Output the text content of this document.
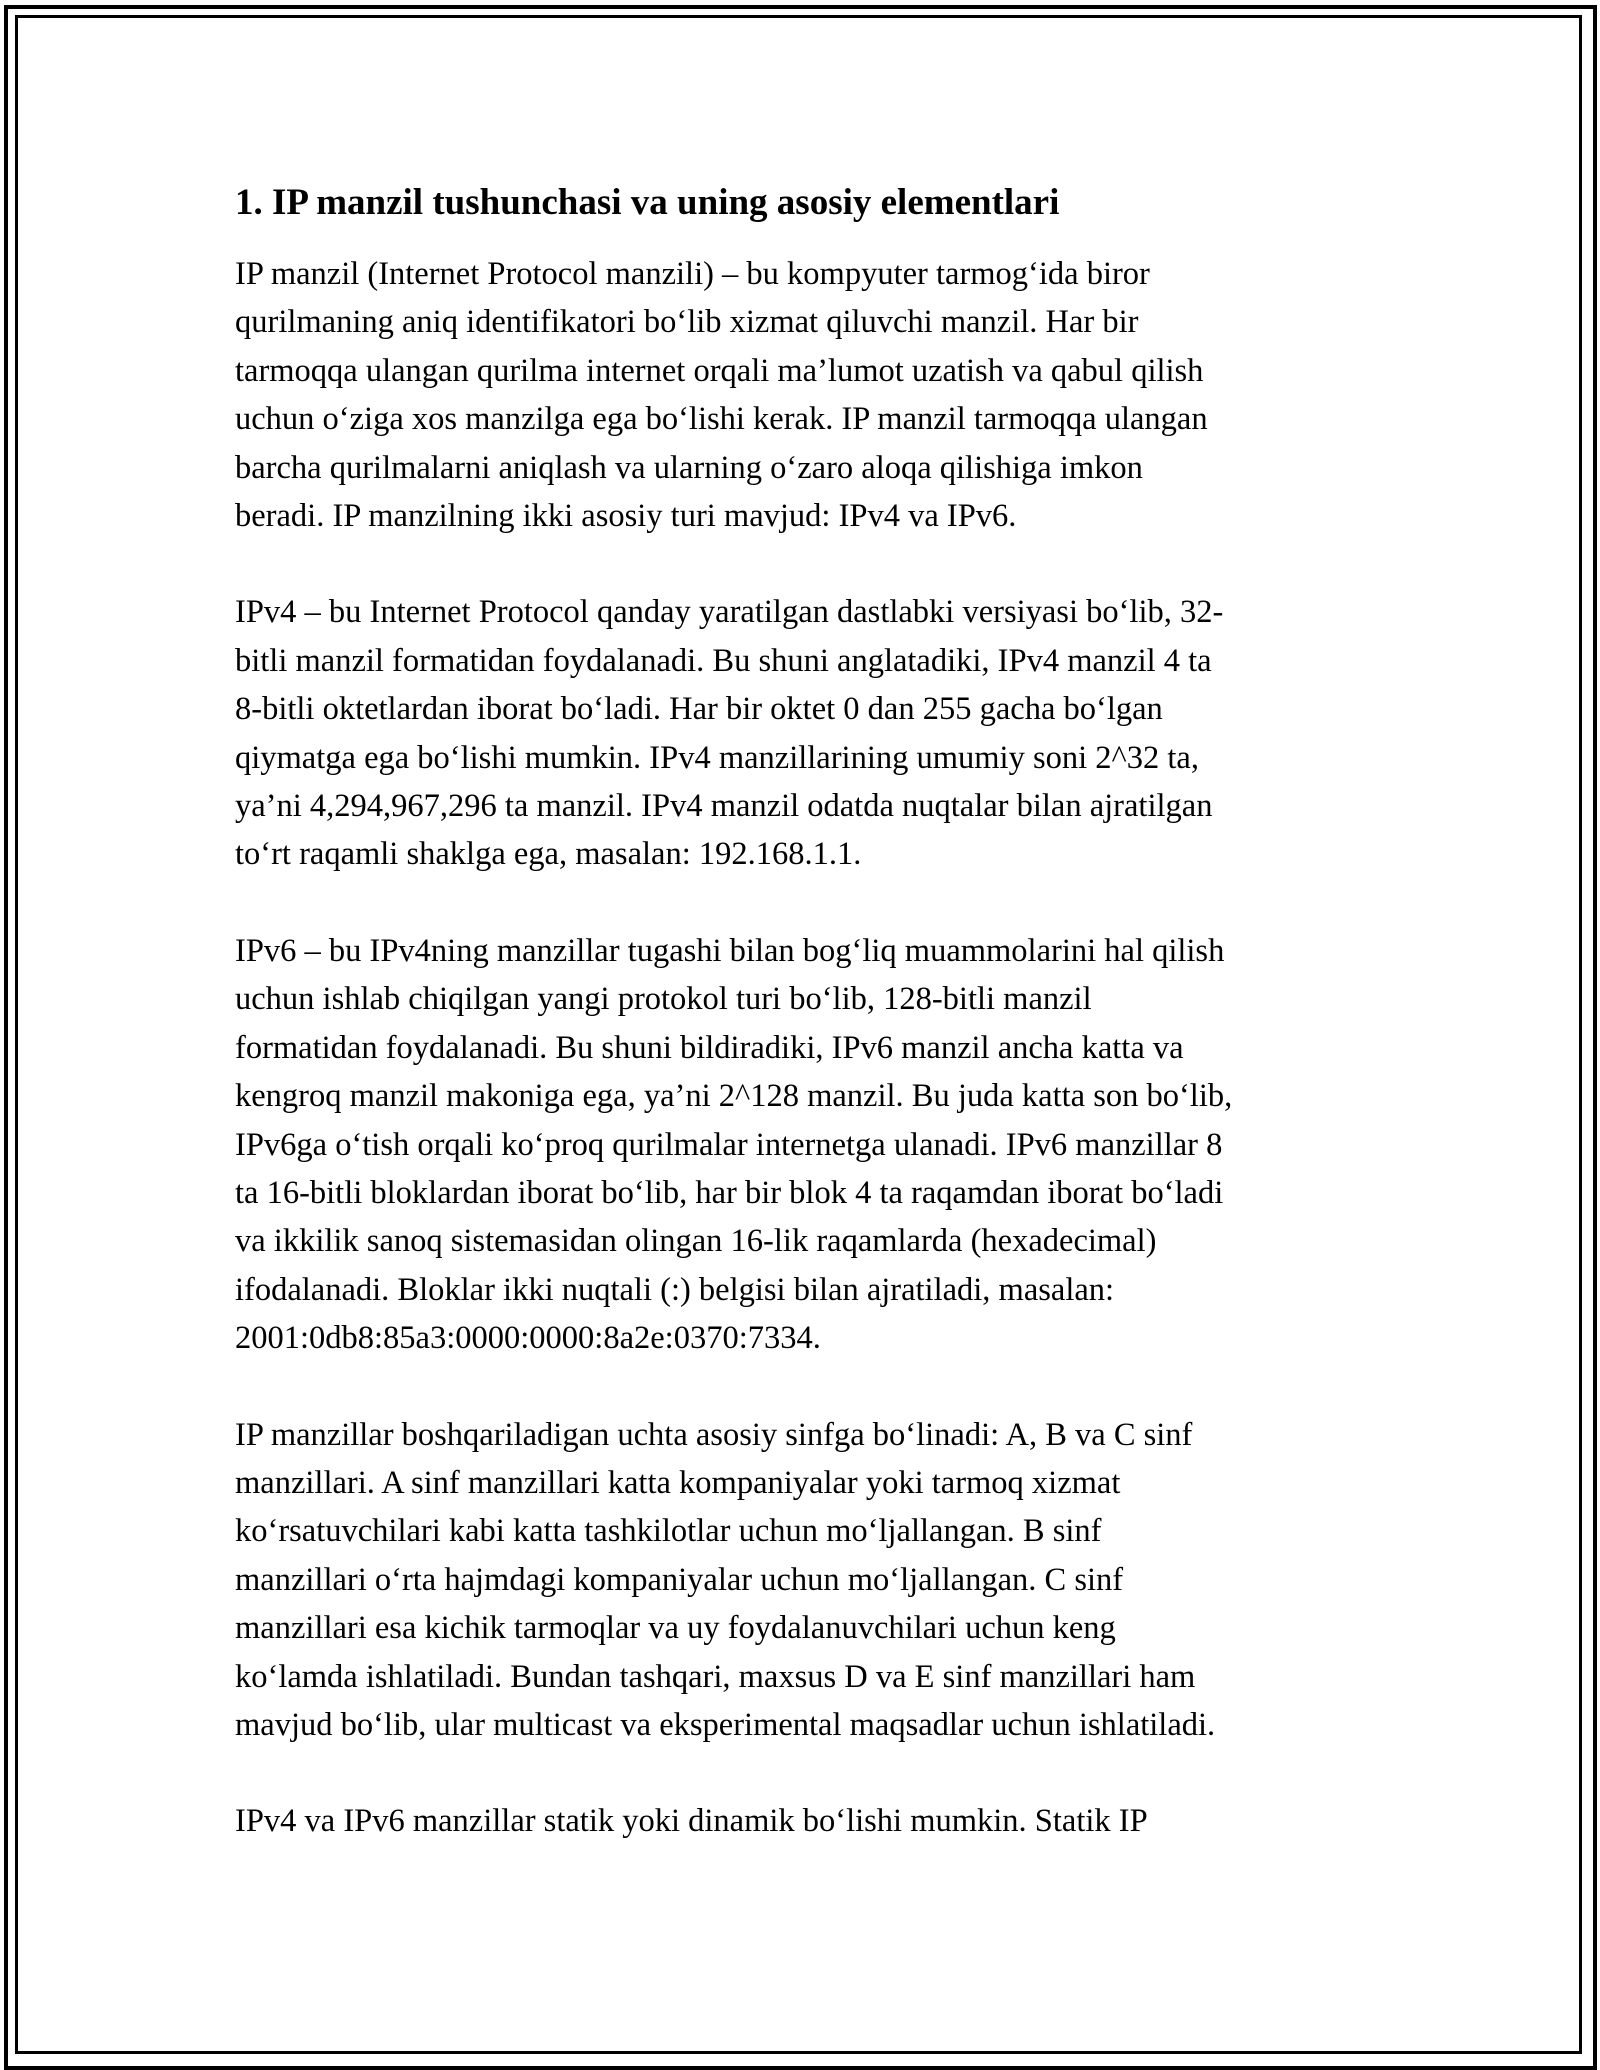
1. IP manzil tushunchasi va uning asosiy elementlari

IP manzil (Internet Protocol manzili) – bu kompyuter tarmog‘ida biror
qurilmaning aniq identifikatori bo‘lib xizmat qiluvchi manzil. Har bir
tarmoqqa ulangan qurilma internet orqali ma’lumot uzatish va qabul qilish
uchun o‘ziga xos manzilga ega bo‘lishi kerak. IP manzil tarmoqqa ulangan
barcha qurilmalarni aniqlash va ularning o‘zaro aloqa qilishiga imkon
beradi. IP manzilning ikki asosiy turi mavjud: IPv4 va IPv6.

IPv4 – bu Internet Protocol qanday yaratilgan dastlabki versiyasi bo‘lib, 32-
bitli manzil formatidan foydalanadi. Bu shuni anglatadiki, IPv4 manzil 4 ta
8-bitli oktetlardan iborat bo‘ladi. Har bir oktet 0 dan 255 gacha bo‘lgan
qiymatga ega bo‘lishi mumkin. IPv4 manzillarining umumiy soni 2^32 ta,
ya’ni 4,294,967,296 ta manzil. IPv4 manzil odatda nuqtalar bilan ajratilgan
to‘rt raqamli shaklga ega, masalan: 192.168.1.1.

IPv6 – bu IPv4ning manzillar tugashi bilan bog‘liq muammolarini hal qilish
uchun ishlab chiqilgan yangi protokol turi bo‘lib, 128-bitli manzil
formatidan foydalanadi. Bu shuni bildiradiki, IPv6 manzil ancha katta va
kengroq manzil makoniga ega, ya’ni 2^128 manzil. Bu juda katta son bo‘lib,
IPv6ga o‘tish orqali ko‘proq qurilmalar internetga ulanadi. IPv6 manzillar 8
ta 16-bitli bloklardan iborat bo‘lib, har bir blok 4 ta raqamdan iborat bo‘ladi
va ikkilik sanoq sistemasidan olingan 16-lik raqamlarda (hexadecimal)
ifodalanadi. Bloklar ikki nuqtali (:) belgisi bilan ajratiladi, masalan:
2001:0db8:85a3:0000:0000:8a2e:0370:7334.

IP manzillar boshqariladigan uchta asosiy sinfga bo‘linadi: A, B va C sinf
manzillari. A sinf manzillari katta kompaniyalar yoki tarmoq xizmat
ko‘rsatuvchilari kabi katta tashkilotlar uchun mo‘ljallangan. B sinf
manzillari o‘rta hajmdagi kompaniyalar uchun mo‘ljallangan. C sinf
manzillari esa kichik tarmoqlar va uy foydalanuvchilari uchun keng
ko‘lamda ishlatiladi. Bundan tashqari, maxsus D va E sinf manzillari ham
mavjud bo‘lib, ular multicast va eksperimental maqsadlar uchun ishlatiladi.

IPv4 va IPv6 manzillar statik yoki dinamik bo‘lishi mumkin. Statik IP
